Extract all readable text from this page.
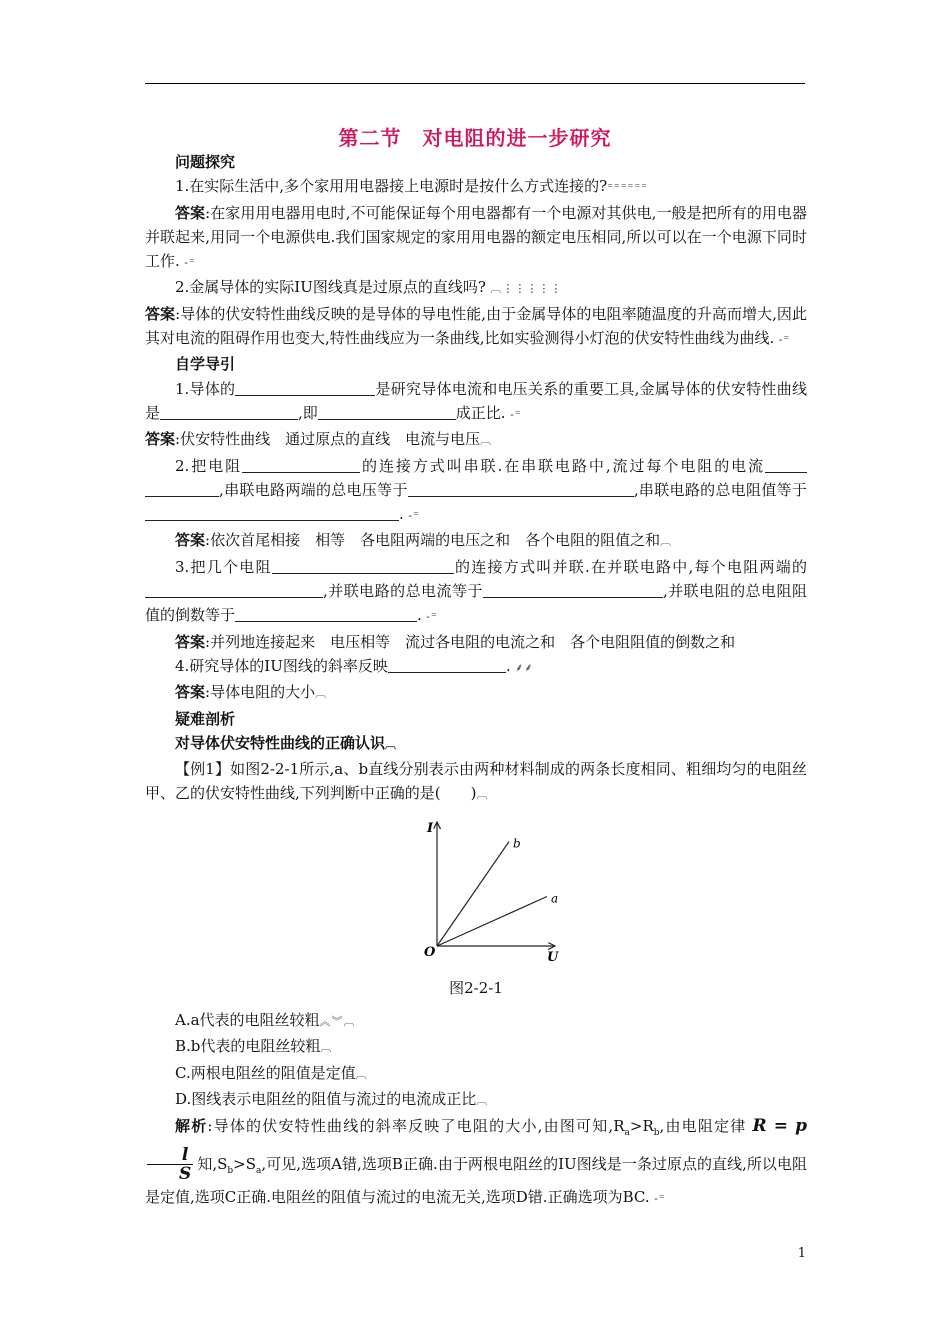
第二节　对电阻的进一步研究

问题探究

1.在实际生活中,多个家用用电器接上电源时是按什么方式连接的?⁼⁼⁼⁼⁼⁼

答案:在家用用电器用电时,不可能保证每个用电器都有一个电源对其供电,一般是把所有的用电器并联起来,用同一个电源供电.我们国家规定的家用用电器的额定电压相同,所以可以在一个电源下同时工作. -⁼

2.金属导体的实际IU图线真是过原点的直线吗? ︹⋮⋮⋮⋮⋮

答案:导体的伏安特性曲线反映的是导体的导电性能,由于金属导体的电阻率随温度的升高而增大,因此其对电流的阻碍作用也变大,特性曲线应为一条曲线,比如实验测得小灯泡的伏安特性曲线为曲线. -⁼

自学导引

1.导体的	是研究导体电流和电压关系的重要工具,金属导体的伏安特性曲线是	,即	成正比. -⁼

答案:伏安特性曲线　通过原点的直线　电流与电压︹

2.把电阻	的连接方式叫串联.在串联电路中,流过每个电阻的电流,串联电路两端的总电压等于	,串联电路的总电阻值等于. -⁼

答案:依次首尾相接　相等　各电阻两端的电压之和　各个电阻的阻值之和︹

3.把几个电阻	的连接方式叫并联.在并联电路中,每个电阻两端的,并联电路的总电流等于	,并联电阻的总电阻阻值的倒数等于	. -⁼

答案:并列地连接起来　电压相等　流过各电阻的电流之和　各个电阻阻值的倒数之和

4.研究导体的IU图线的斜率反映	. ⸙⸙

答案:导体电阻的大小︹

疑难剖析

对导体伏安特性曲线的正确认识︹

【例1】如图2-2-1所示,a、b直线分别表示由两种材料制成的两条长度相同、粗细均匀的电阻丝甲、乙的伏安特性曲线,下列判断中正确的是(　　)︹

I
U
O
a
b
图2-2-1

A.a代表的电阻丝较粗︽︾︹

B.b代表的电阻丝较粗︹

C.两根电阻丝的阻值是定值︹

D.图线表示电阻丝的阻值与流过的电流成正比︹

解析:导体的伏安特性曲线的斜率反映了电阻的大小,由图可知$,R_a>R_b$,由电阻定律 R = p
$\frac{l}{S}$ 知$,S_b>S_a$,可见,选项A错,选项B正确.由于两根电阻丝的IU图线是一条过原点的直线,所以电阻是定值,选项C正确.电阻丝的阻值与流过的电流无关,选项D错.正确选项为BC. -⁼

1
